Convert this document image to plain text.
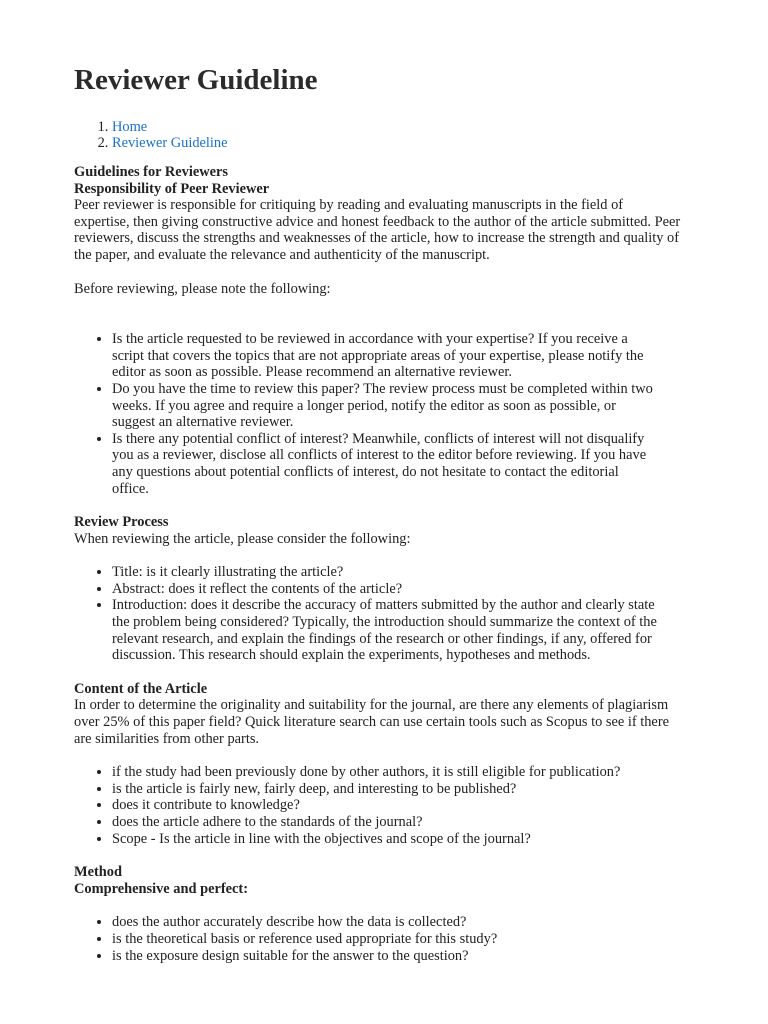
Reviewer Guideline
1. Home
2. Reviewer Guideline

Guidelines for Reviewers

Responsibility of Peer Reviewer

Peer reviewer is responsible for critiquing by reading and evaluating manuscripts in the field of expertise, then giving constructive advice and honest feedback to the author of the article submitted. Peer reviewers, discuss the strengths and weaknesses of the article, how to increase the strength and quality of the paper, and evaluate the relevance and authenticity of the manuscript.

Before reviewing, please note the following:

• Is the article requested to be reviewed in accordance with your expertise? If you receive a script that covers the topics that are not appropriate areas of your expertise, please notify the editor as soon as possible. Please recommend an alternative reviewer.
• Do you have the time to review this paper? The review process must be completed within two weeks. If you agree and require a longer period, notify the editor as soon as possible, or suggest an alternative reviewer.
• Is there any potential conflict of interest? Meanwhile, conflicts of interest will not disqualify you as a reviewer, disclose all conflicts of interest to the editor before reviewing. If you have any questions about potential conflicts of interest, do not hesitate to contact the editorial office.

Review Process

When reviewing the article, please consider the following:

• Title: is it clearly illustrating the article?
• Abstract: does it reflect the contents of the article?
• Introduction: does it describe the accuracy of matters submitted by the author and clearly state the problem being considered? Typically, the introduction should summarize the context of the relevant research, and explain the findings of the research or other findings, if any, offered for discussion. This research should explain the experiments, hypotheses and methods.

Content of the Article

In order to determine the originality and suitability for the journal, are there any elements of plagiarism over 25% of this paper field? Quick literature search can use certain tools such as Scopus to see if there are similarities from other parts.

• if the study had been previously done by other authors, it is still eligible for publication?
• is the article is fairly new, fairly deep, and interesting to be published?
• does it contribute to knowledge?
• does the article adhere to the standards of the journal?
• Scope - Is the article in line with the objectives and scope of the journal?

Method

Comprehensive and perfect:

• does the author accurately describe how the data is collected?
• is the theoretical basis or reference used appropriate for this study?
• is the exposure design suitable for the answer to the question?
